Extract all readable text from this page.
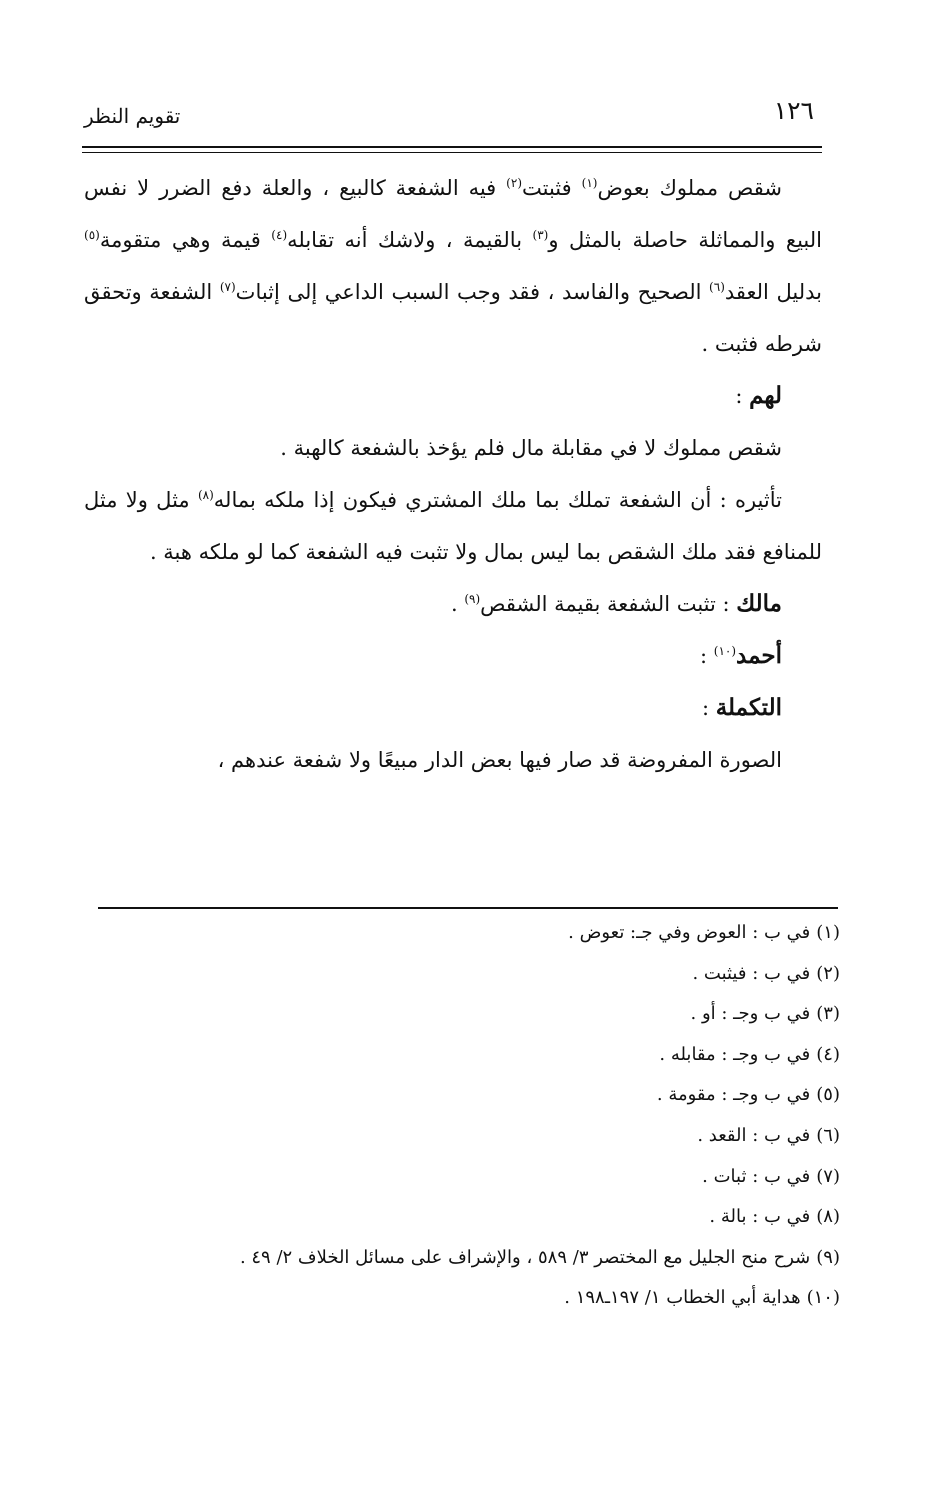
١٢٦
تقويم النظر

شقص مملوك بعوض$^{(١)}$ فثبتت$^{(٢)}$ فيه الشفعة كالبيع ، والعلة دفع الضرر لا نفس البيع والمماثلة حاصلة بالمثل و$^{(٣)}$ بالقيمة ، ولاشك أنه تقابله$^{(٤)}$ قيمة وهي متقومة$^{(٥)}$ بدليل العقد$^{(٦)}$ الصحيح والفاسد ، فقد وجب السبب الداعي إلى إثبات$^{(٧)}$ الشفعة وتحقق شرطه فثبت .

لهم :

شقص مملوك لا في مقابلة مال فلم يؤخذ بالشفعة كالهبة .

تأثيره : أن الشفعة تملك بما ملك المشتري فيكون إذا ملكه بماله$^{(٨)}$ مثل ولا مثل للمنافع فقد ملك الشقص بما ليس بمال ولا تثبت فيه الشفعة كما لو ملكه هبة .

مالك : تثبت الشفعة بقيمة الشقص$^{(٩)}$ .

أحمد$^{(١٠)}$ :

التكملة :

الصورة المفروضة قد صار فيها بعض الدار مبيعًا ولا شفعة عندهم ،

(١)في ب : العوض وفي جـ: تعوض .

(٢)في ب : فيثبت .

(٣)في ب وجـ : أو .

(٤)في ب وجـ : مقابله .

(٥)في ب وجـ : مقومة .

(٦)في ب : القعد .

(٧)في ب : ثبات .

(٨)في ب : بالة .

(٩)شرح منح الجليل مع المختصر ٣/ ٥٨٩ ، والإشراف على مسائل الخلاف ٢/ ٤٩ .

(١٠)هداية أبي الخطاب ١/ ١٩٧ـ١٩٨ .
